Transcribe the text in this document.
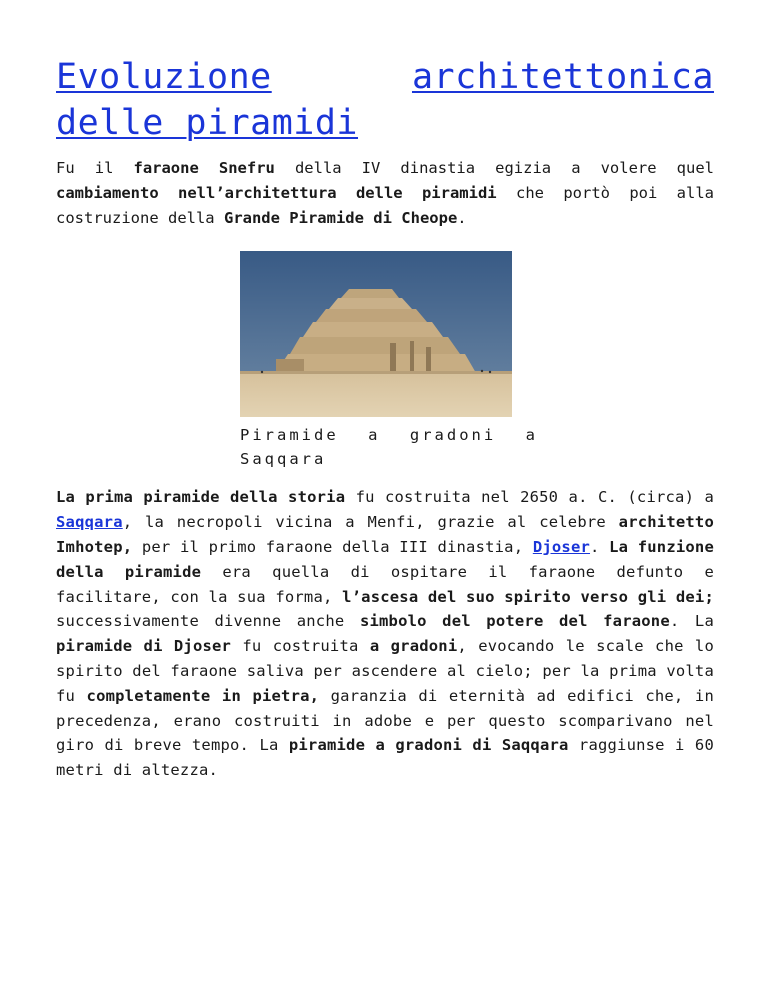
Evoluzione	architettonica
delle piramidi

Fu il faraone Snefru della IV dinastia egizia a volere quel cambiamento nell’architettura delle piramidi che portò poi alla costruzione della Grande Piramide di Cheope.

Piramide a gradoni a
Saqqara

La prima piramide della storia fu costruita nel 2650 a. C. (circa) a Saqqara, la necropoli vicina a Menfi, grazie al celebre architetto Imhotep, per il primo faraone della III dinastia, Djoser. La funzione della piramide era quella di ospitare il faraone defunto e facilitare, con la sua forma, l’ascesa del suo spirito verso gli dei; successivamente divenne anche simbolo del potere del faraone. La piramide di Djoser fu costruita a gradoni, evocando le scale che lo spirito del faraone saliva per ascendere al cielo; per la prima volta fu completamente in pietra, garanzia di eternità ad edifici che, in precedenza, erano costruiti in adobe e per questo scomparivano nel giro di breve tempo. La piramide a gradoni di Saqqara raggiunse i 60 metri di altezza.
